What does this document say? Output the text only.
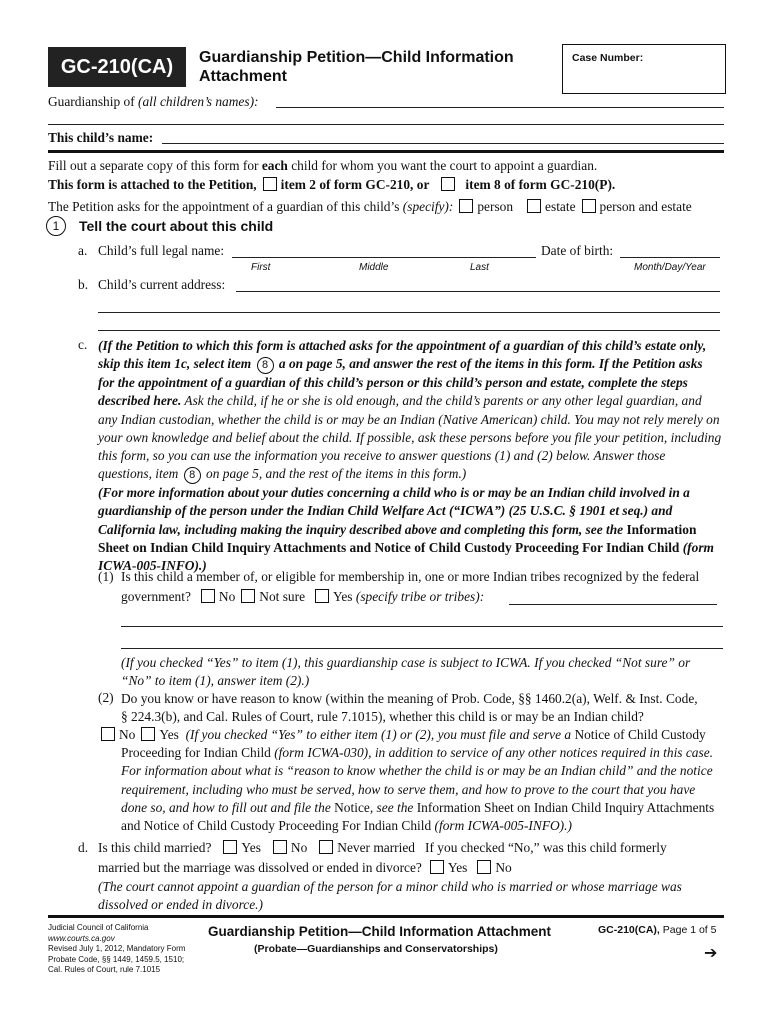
GC-210(CA)	Guardianship Petition—Child Information
Attachment
Case Number:
Guardianship of (all children’s names):
This child’s name:
Fill out a separate copy of this form for each child for whom you want the court to appoint a guardian.
This form is attached to the Petition, item 2 of form GC-210, or	item 8 of form GC-210(P).
The Petition asks for the appointment of a guardian of this child’s (specify): person estate person and estate
1	Tell the court about this child
a. Child’s full legal name:	Date of birth:
First	Middle	Last	Month/Day/Year
b. Child’s current address:
c. (If the Petition to which this form is attached asks for the appointment of a guardian of this child’s estate only, skip this item 1c, select item 8 a on page 5, and answer the rest of the items in this form. If the Petition asks for the appointment of a guardian of this child’s person or this child’s person and estate, complete the steps described here. Ask the child, if he or she is old enough, and the child’s parents or any other legal guardian, and any Indian custodian, whether the child is or may be an Indian (Native American) child. You may not rely merely on your own knowledge and belief about the child. If possible, ask these persons before you file your petition, including this form, so you can use the information you receive to answer questions (1) and (2) below. Answer those questions, item 8 on page 5, and the rest of the items in this form.)
(For more information about your duties concerning a child who is or may be an Indian child involved in a guardianship of the person under the Indian Child Welfare Act (“ICWA”) (25 U.S.C. § 1901 et seq.) and California law, including making the inquiry described above and completing this form, see the Information Sheet on Indian Child Inquiry Attachments and Notice of Child Custody Proceeding For Indian Child (form ICWA-005-INFO).)
(1) Is this child a member of, or eligible for membership in, one or more Indian tribes recognized by the federal
government? No Not sure Yes (specify tribe or tribes):
(If you checked “Yes” to item (1), this guardianship case is subject to ICWA. If you checked “Not sure” or “No” to item (1), answer item (2).)
(2) Do you know or have reason to know (within the meaning of Prob. Code, §§ 1460.2(a), Welf. & Inst. Code, § 224.3(b), and Cal. Rules of Court, rule 7.1015), whether this child is or may be an Indian child?
No Yes (If you checked “Yes” to either item (1) or (2), you must file and serve a Notice of Child Custody Proceeding for Indian Child (form ICWA-030), in addition to service of any other notices required in this case. For information about what is “reason to know whether the child is or may be an Indian child” and the notice requirement, including who must be served, how to serve them, and how to prove to the court that you have done so, and how to fill out and file the Notice, see the Information Sheet on Indian Child Inquiry Attachments and Notice of Child Custody Proceeding For Indian Child (form ICWA-005-INFO).)
d. Is this child married? Yes No Never married If you checked “No,” was this child formerly
married but the marriage was dissolved or ended in divorce? Yes No
(The court cannot appoint a guardian of the person for a minor child who is married or whose marriage was dissolved or ended in divorce.)
Judicial Council of California
www.courts.ca.gov
Revised July 1, 2012, Mandatory Form
Probate Code, §§ 1449, 1459.5, 1510;
Cal. Rules of Court, rule 7.1015
Guardianship Petition—Child Information Attachment
(Probate—Guardianships and Conservatorships)
GC-210(CA), Page 1 of 5
➔
